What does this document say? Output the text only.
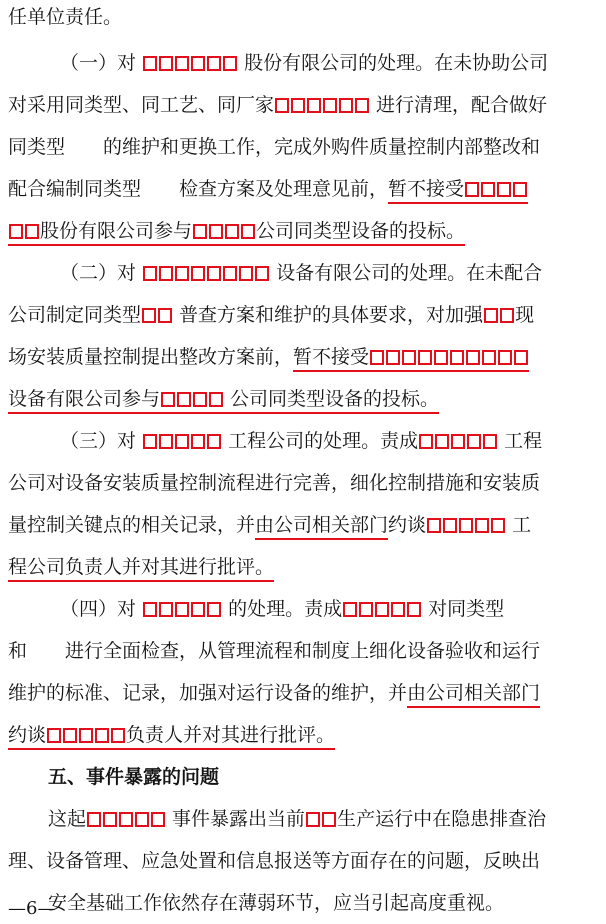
任单位责任。
（一）对	股份有限公司的处理。在未协助公司
对采用同类型、同工艺、同厂家	进行清理，配合做好
同类型　　的维护和更换工作，完成外购件质量控制内部整改和
配合编制同类型　　检查方案及处理意见前，暂不接受
股份有限公司参与	公司同类型设备的投标。
（二）对	设备有限公司的处理。在未配合
公司制定同类型 普查方案和维护的具体要求，对加强 现
场安装质量控制提出整改方案前，暂不接受
设备有限公司参与	公司同类型设备的投标。
（三）对	工程公司的处理。责成	工程
公司对设备安装质量控制流程进行完善，细化控制措施和安装质
量控制关键点的相关记录，并由公司相关部门约谈	工
程公司负责人并对其进行批评。
（四）对	的处理。责成	对同类型
和　　进行全面检查，从管理流程和制度上细化设备验收和运行
维护的标准、记录，加强对运行设备的维护，并由公司相关部门
约谈	负责人并对其进行批评。
五、事件暴露的问题
这起	事件暴露出当前 生产运行中在隐患排查治
理、设备管理、应急处置和信息报送等方面存在的问题，反映出
安全基础工作依然存在薄弱环节，应当引起高度重视。
—6—
